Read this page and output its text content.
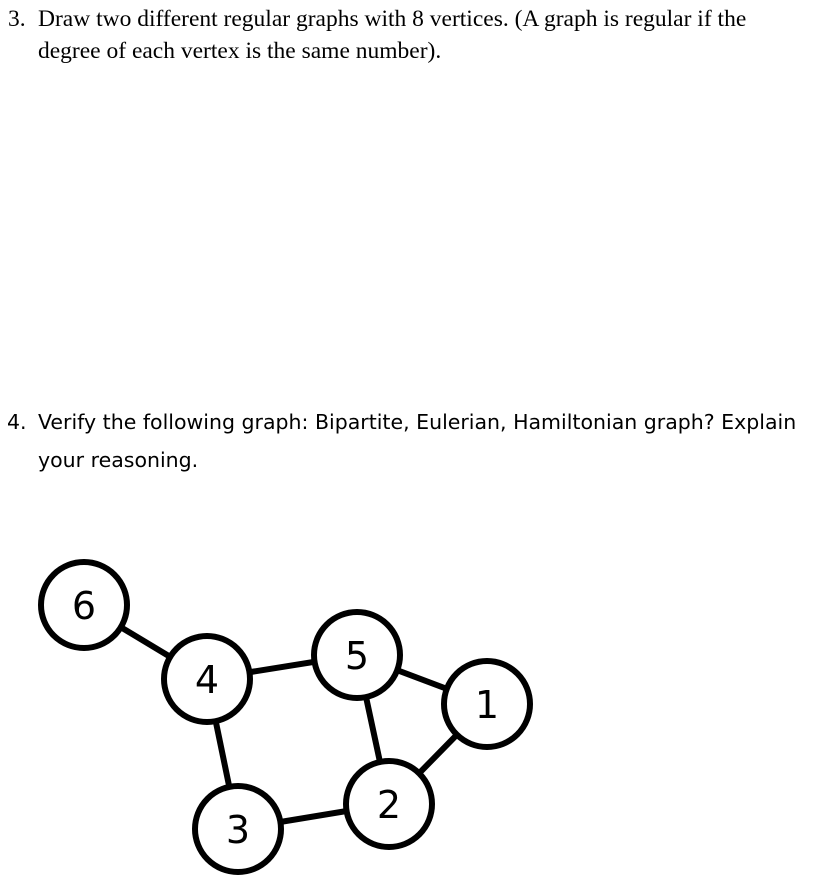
3. Draw two different regular graphs with 8 vertices. (A graph is regular if the
degree of each vertex is the same number).
4. Verify the following graph: Bipartite, Eulerian, Hamiltonian graph? Explain
your reasoning.
6
4
5
1
3
2
